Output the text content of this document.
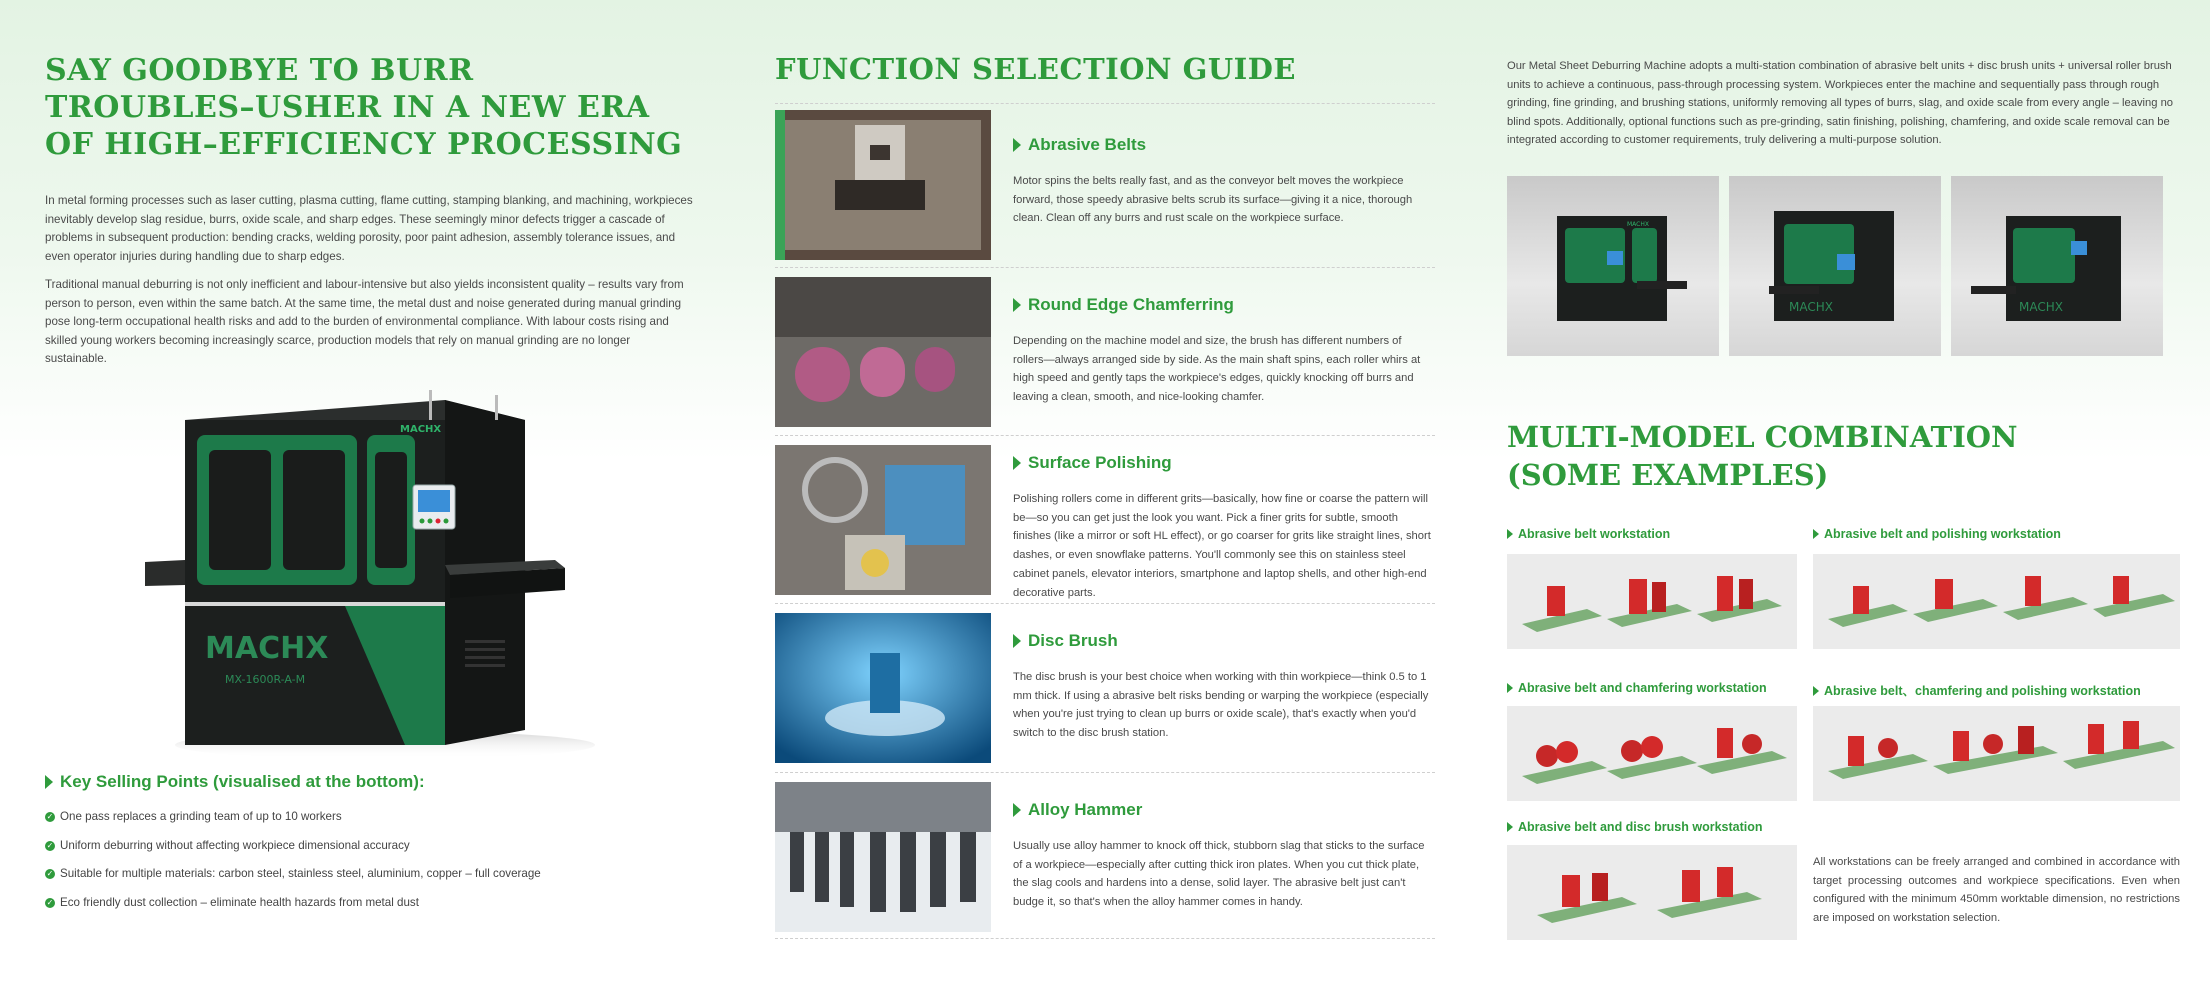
SAY GOODBYE TO BURR
TROUBLES–USHER IN A NEW ERA
OF HIGH–EFFICIENCY PROCESSING

In metal forming processes such as laser cutting, plasma cutting, flame cutting, stamping blanking, and machining, workpieces inevitably develop slag residue, burrs, oxide scale, and sharp edges. These seemingly minor defects trigger a cascade of problems in subsequent production: bending cracks, welding porosity, poor paint adhesion, assembly tolerance issues, and even operator injuries during handling due to sharp edges.

Traditional manual deburring is not only inefficient and labour-intensive but also yields inconsistent quality – results vary from person to person, even within the same batch. At the same time, the metal dust and noise generated during manual grinding pose long-term occupational health risks and add to the burden of environmental compliance. With labour costs rising and skilled young workers becoming increasingly scarce, production models that rely on manual grinding are no longer sustainable.

MACHX
MX-1600R-A-M
MACHX
Key Selling Points (visualised at the bottom):
✓ One pass replaces a grinding team of up to 10 workers
✓ Uniform deburring without affecting workpiece dimensional accuracy
✓ Suitable for multiple materials: carbon steel, stainless steel, aluminium, copper – full coverage
✓ Eco friendly dust collection – eliminate health hazards from metal dust
FUNCTION SELECTION GUIDE
Abrasive Belts

Motor spins the belts really fast, and as the conveyor belt moves the workpiece forward, those speedy abrasive belts scrub its surface—giving it a nice, thorough clean. Clean off any burrs and rust scale on the workpiece surface.

Round Edge Chamferring

Depending on the machine model and size, the brush has different numbers of rollers—always arranged side by side. As the main shaft spins, each roller whirs at high speed and gently taps the workpiece's edges, quickly knocking off burrs and leaving a clean, smooth, and nice-looking chamfer.

Surface Polishing

Polishing rollers come in different grits—basically, how fine or coarse the pattern will be—so you can get just the look you want. Pick a finer grits for subtle, smooth finishes (like a mirror or soft HL effect), or go coarser for grits like straight lines, short dashes, or even snowflake patterns. You'll commonly see this on stainless steel cabinet panels, elevator interiors, smartphone and laptop shells, and other high-end decorative parts.

Disc Brush

The disc brush is your best choice when working with thin workpiece—think 0.5 to 1 mm thick. If using a abrasive belt risks bending or warping the workpiece (especially when you're just trying to clean up burrs or oxide scale), that's exactly when you'd switch to the disc brush station.

Alloy Hammer

Usually use alloy hammer to knock off thick, stubborn slag that sticks to the surface of a workpiece—especially after cutting thick iron plates. When you cut thick plate, the slag cools and hardens into a dense, solid layer. The abrasive belt just can't budge it, so that's when the alloy hammer comes in handy.

Our Metal Sheet Deburring Machine adopts a multi-station combination of abrasive belt units + disc brush units + universal roller brush units to achieve a continuous, pass-through processing system. Workpieces enter the machine and sequentially pass through rough grinding, fine grinding, and brushing stations, uniformly removing all types of burrs, slag, and oxide scale from every angle – leaving no blind spots. Additionally, optional functions such as pre-grinding, satin finishing, polishing, chamfering, and oxide scale removal can be integrated according to customer requirements, truly delivering a multi-purpose solution.

MACHX
MACHX	MACHX
MULTI-MODEL COMBINATION
(SOME EXAMPLES)

Abrasive belt workstation	Abrasive belt and polishing workstation

Abrasive belt and chamfering workstation	Abrasive belt、chamfering and polishing workstation

Abrasive belt and disc brush workstation

All workstations can be freely arranged and combined in accordance with target processing outcomes and workpiece specifications. Even when configured with the minimum 450mm worktable dimension, no restrictions are imposed on workstation selection.
